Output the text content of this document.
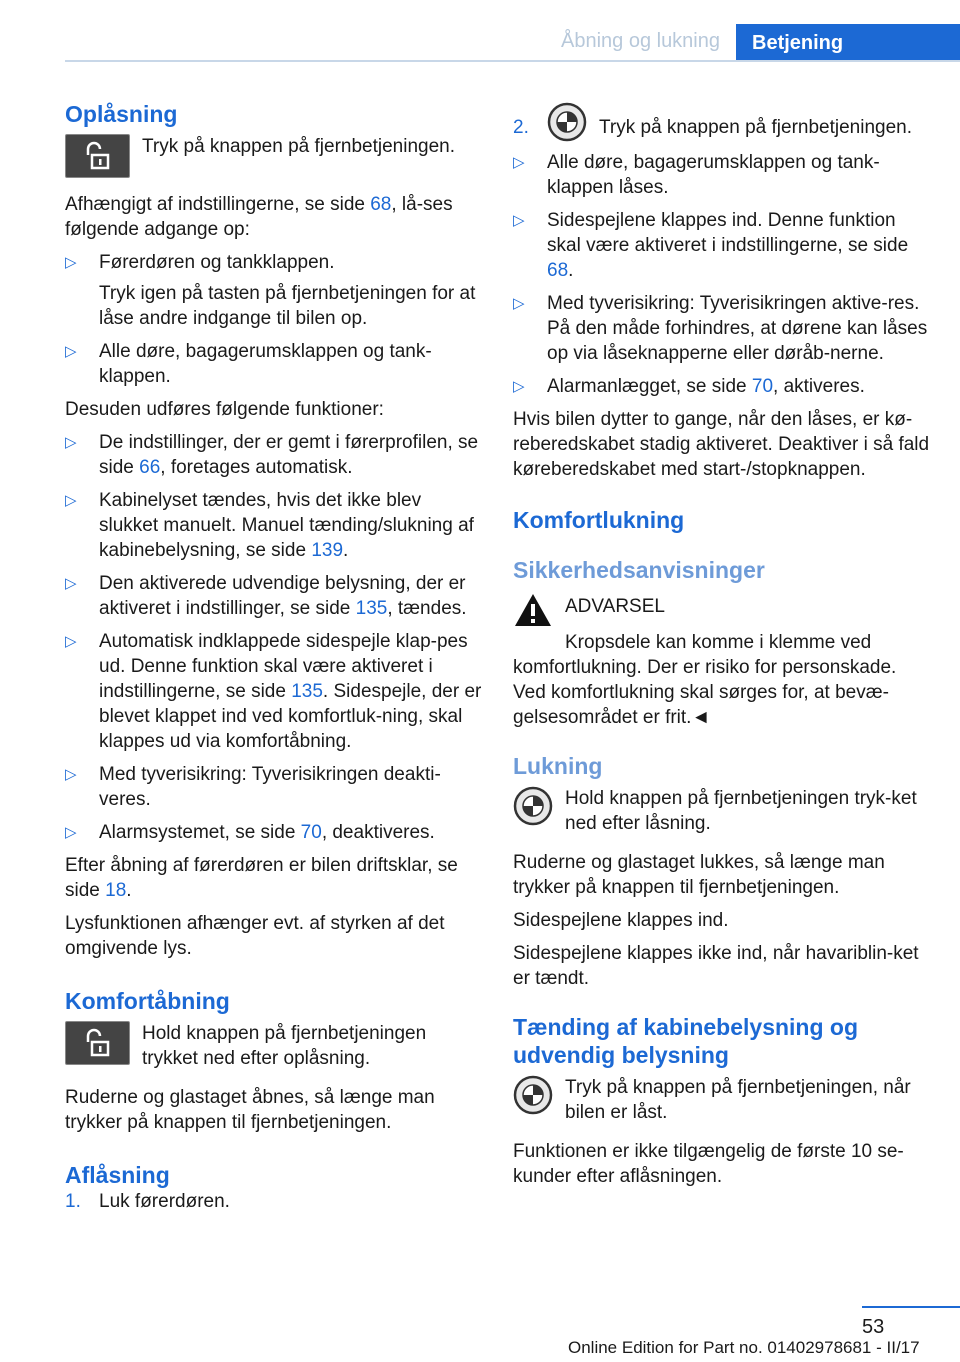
Åbning og lukning	Betjening
Oplåsning
Tryk på knappen på fjernbetjeningen.

Afhængigt af indstillingerne, se side 68, lå-ses følgende adgange op:

▷ Førerdøren og tankklappen.

Tryk igen på tasten på fjernbetjeningen for at låse andre indgange til bilen op.

▷ Alle døre, bagagerumsklappen og tank-klappen.

Desuden udføres følgende funktioner:

▷ De indstillinger, der er gemt i førerprofilen, se side 66, foretages automatisk.
▷ Kabinelyset tændes, hvis det ikke blev slukket manuelt. Manuel tænding/slukning af kabinebelysning, se side 139.
▷ Den aktiverede udvendige belysning, der er aktiveret i indstillinger, se side 135, tændes.
▷ Automatisk indklappede sidespejle klap-pes ud. Denne funktion skal være aktiveret i indstillingerne, se side 135. Sidespejle, der er blevet klappet ind ved komfortluk-ning, skal klappes ud via komfortåbning.
▷ Med tyverisikring: Tyverisikringen deakti-veres.
▷ Alarmsystemet, se side 70, deaktiveres.

Efter åbning af førerdøren er bilen driftsklar, se side 18.

Lysfunktionen afhænger evt. af styrken af det omgivende lys.

Komfortåbning
Hold knappen på fjernbetjeningen trykket ned efter oplåsning.

Ruderne og glastaget åbnes, så længe man trykker på knappen til fjernbetjeningen.

Aflåsning
1. Luk førerdøren.
2.	Tryk på knappen på fjernbetjeningen.
▷ Alle døre, bagagerumsklappen og tank-klappen låses.
▷ Sidespejlene klappes ind. Denne funktion skal være aktiveret i indstillingerne, se side 68.
▷ Med tyverisikring: Tyverisikringen aktive-res. På den måde forhindres, at dørene kan låses op via låseknapperne eller døråb-nerne.
▷ Alarmanlægget, se side 70, aktiveres.

Hvis bilen dytter to gange, når den låses, er kø-reberedskabet stadig aktiveret. Deaktiver i så fald køreberedskabet med start-/stopknappen.

Komfortlukning
Sikkerhedsanvisninger
ADVARSEL

Kropsdele kan komme i klemme ved komfortlukning. Der er risiko for personskade. Ved komfortlukning skal sørges for, at bevæ-gelsesområdet er frit.◄

Lukning
Hold knappen på fjernbetjeningen tryk-ket ned efter låsning.

Ruderne og glastaget lukkes, så længe man trykker på knappen til fjernbetjeningen.

Sidespejlene klappes ind.

Sidespejlene klappes ikke ind, når havariblin-ket er tændt.

Tænding af kabinebelysning og udvendig belysning
Tryk på knappen på fjernbetjeningen, når bilen er låst.

Funktionen er ikke tilgængelig de første 10 se-kunder efter aflåsningen.

53
Online Edition for Part no. 01402978681 - II/17
